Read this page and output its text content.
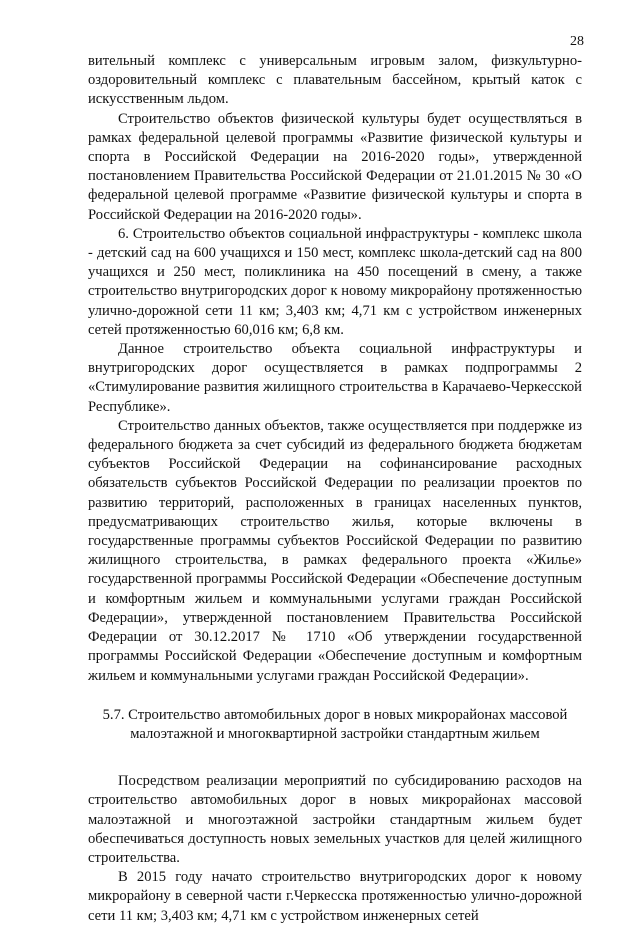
28

вительный комплекс с универсальным игровым залом, физкультурно-оздоровительный комплекс с плавательным бассейном, крытый каток с искусственным льдом.

Строительство объектов физической культуры будет осуществляться в рамках федеральной целевой программы «Развитие физической культуры и спорта в Российской Федерации на 2016-2020 годы», утвержденной постановлением Правительства Российской Федерации от 21.01.2015 № 30 «О федеральной целевой программе «Развитие физической культуры и спорта в Российской Федерации на 2016-2020 годы».

6. Строительство объектов социальной инфраструктуры - комплекс школа - детский сад на 600 учащихся и 150 мест, комплекс школа-детский сад на 800 учащихся и 250 мест, поликлиника на 450 посещений в смену, а также строительство внутригородских дорог к новому микрорайону протяженностью улично-дорожной сети 11 км; 3,403 км; 4,71 км с устройством инженерных сетей протяженностью 60,016 км; 6,8 км.

Данное строительство объекта социальной инфраструктуры и внутригородских дорог осуществляется в рамках подпрограммы 2 «Стимулирование развития жилищного строительства в Карачаево-Черкесской Республике».

Строительство данных объектов, также осуществляется при поддержке из федерального бюджета за счет субсидий из федерального бюджета бюджетам субъектов Российской Федерации на софинансирование расходных обязательств субъектов Российской Федерации по реализации проектов по развитию территорий, расположенных в границах населенных пунктов, предусматривающих строительство жилья, которые включены в государственные программы субъектов Российской Федерации по развитию жилищного строительства, в рамках федерального проекта «Жилье» государственной программы Российской Федерации «Обеспечение доступным и комфортным жильем и коммунальными услугами граждан Российской Федерации», утвержденной постановлением Правительства Российской Федерации от 30.12.2017 № 1710 «Об утверждении государственной программы Российской Федерации «Обеспечение доступным и комфортным жильем и коммунальными услугами граждан Российской Федерации».

5.7. Строительство автомобильных дорог в новых микрорайонах массовой
малоэтажной и многоквартирной застройки стандартным жильем

Посредством реализации мероприятий по субсидированию расходов на строительство автомобильных дорог в новых микрорайонах массовой малоэтажной и многоэтажной застройки стандартным жильем будет обеспечиваться доступность новых земельных участков для целей жилищного строительства.

В 2015 году начато строительство внутригородских дорог к новому микрорайону в северной части г.Черкесска протяженностью улично-дорожной сети 11 км; 3,403 км; 4,71 км с устройством инженерных сетей
